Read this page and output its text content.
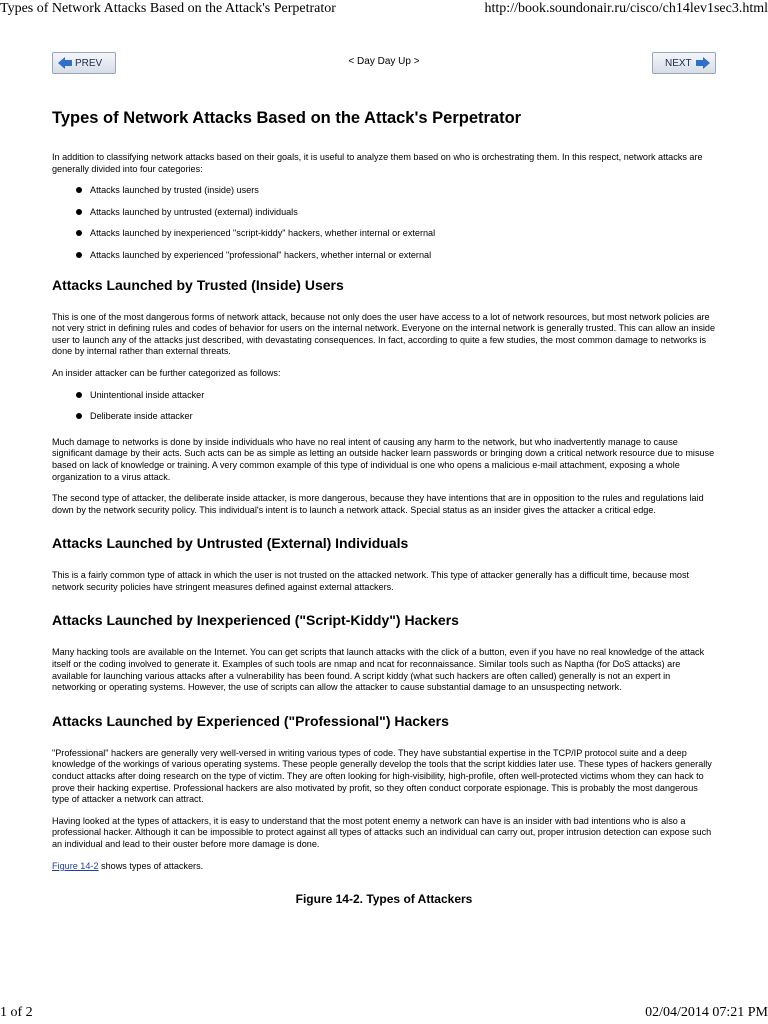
Types of Network Attacks Based on the Attack's Perpetrator	http://book.soundonair.ru/cisco/ch14lev1sec3.html
PREV	< Day Day Up >	NEXT
Types of Network Attacks Based on the Attack's Perpetrator

In addition to classifying network attacks based on their goals, it is useful to analyze them based on who is orchestrating them. In this respect, network attacks are generally divided into four categories:

Attacks launched by trusted (inside) users
Attacks launched by untrusted (external) individuals
Attacks launched by inexperienced "script-kiddy" hackers, whether internal or external
Attacks launched by experienced "professional" hackers, whether internal or external
Attacks Launched by Trusted (Inside) Users

This is one of the most dangerous forms of network attack, because not only does the user have access to a lot of network resources, but most network policies are not very strict in defining rules and codes of behavior for users on the internal network. Everyone on the internal network is generally trusted. This can allow an inside user to launch any of the attacks just described, with devastating consequences. In fact, according to quite a few studies, the most common damage to networks is done by internal rather than external threats.

An insider attacker can be further categorized as follows:

Unintentional inside attacker
Deliberate inside attacker

Much damage to networks is done by inside individuals who have no real intent of causing any harm to the network, but who inadvertently manage to cause significant damage by their acts. Such acts can be as simple as letting an outside hacker learn passwords or bringing down a critical network resource due to misuse based on lack of knowledge or training. A very common example of this type of individual is one who opens a malicious e-mail attachment, exposing a whole organization to a virus attack.

The second type of attacker, the deliberate inside attacker, is more dangerous, because they have intentions that are in opposition to the rules and regulations laid down by the network security policy. This individual's intent is to launch a network attack. Special status as an insider gives the attacker a critical edge.

Attacks Launched by Untrusted (External) Individuals

This is a fairly common type of attack in which the user is not trusted on the attacked network. This type of attacker generally has a difficult time, because most network security policies have stringent measures defined against external attackers.

Attacks Launched by Inexperienced ("Script-Kiddy") Hackers

Many hacking tools are available on the Internet. You can get scripts that launch attacks with the click of a button, even if you have no real knowledge of the attack itself or the coding involved to generate it. Examples of such tools are nmap and ncat for reconnaissance. Similar tools such as Naptha (for DoS attacks) are available for launching various attacks after a vulnerability has been found. A script kiddy (what such hackers are often called) generally is not an expert in networking or operating systems. However, the use of scripts can allow the attacker to cause substantial damage to an unsuspecting network.

Attacks Launched by Experienced ("Professional") Hackers

"Professional" hackers are generally very well-versed in writing various types of code. They have substantial expertise in the TCP/IP protocol suite and a deep knowledge of the workings of various operating systems. These people generally develop the tools that the script kiddies later use. These types of hackers generally conduct attacks after doing research on the type of victim. They are often looking for high-visibility, high-profile, often well-protected victims whom they can hack to prove their hacking expertise. Professional hackers are also motivated by profit, so they often conduct corporate espionage. This is probably the most dangerous type of attacker a network can attract.

Having looked at the types of attackers, it is easy to understand that the most potent enemy a network can have is an insider with bad intentions who is also a professional hacker. Although it can be impossible to protect against all types of attacks such an individual can carry out, proper intrusion detection can expose such an individual and lead to their ouster before more damage is done.

Figure 14-2 shows types of attackers.

Figure 14-2. Types of Attackers
1 of 2	02/04/2014 07:21 PM
